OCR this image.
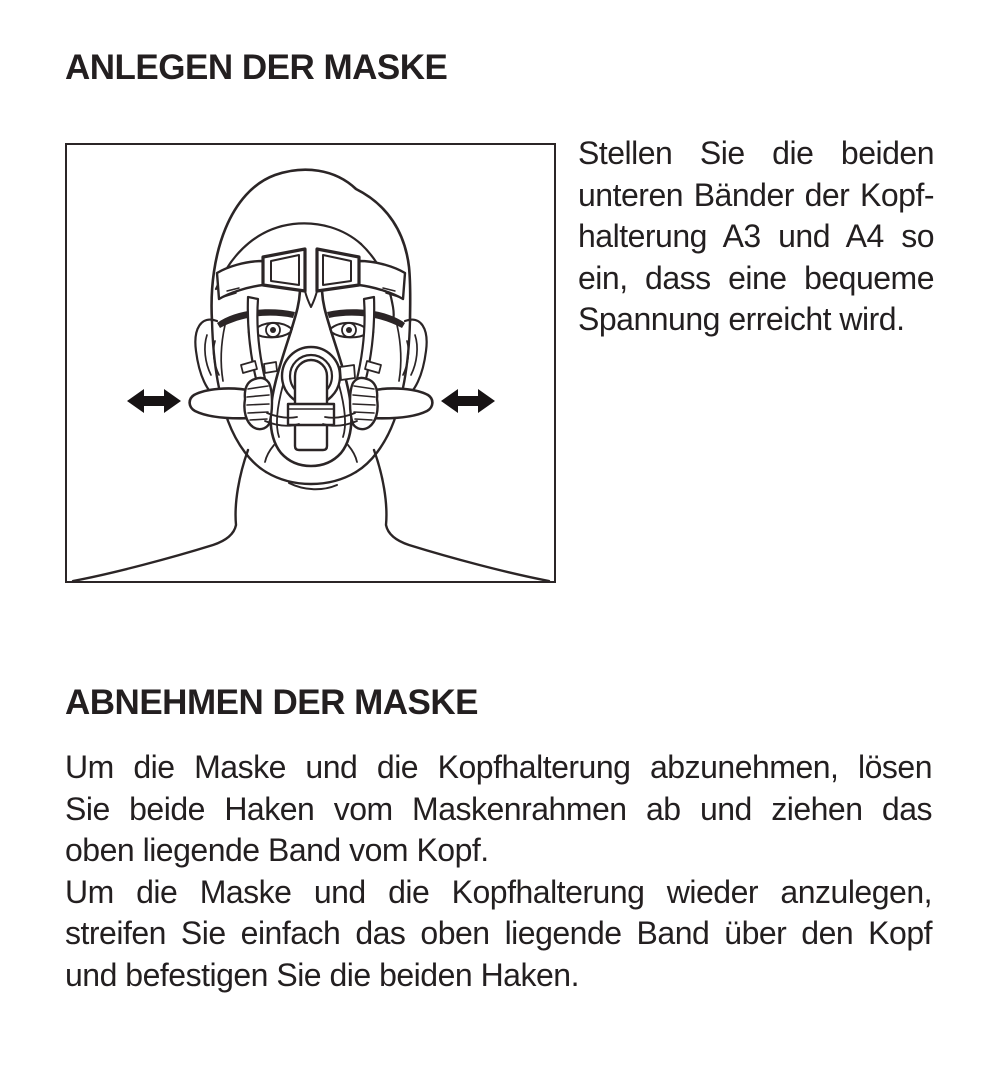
ANLEGEN DER MASKE
Stellen Sie die beiden
unteren Bänder der Kopf-
halterung A3 und A4 so
ein, dass eine bequeme
Spannung erreicht wird.
ABNEHMEN DER MASKE
Um die Maske und die Kopfhalterung abzunehmen, lösen
Sie beide Haken vom Maskenrahmen ab und ziehen das
oben liegende Band vom Kopf.
Um die Maske und die Kopfhalterung wieder anzulegen,
streifen Sie einfach das oben liegende Band über den Kopf
und befestigen Sie die beiden Haken.
